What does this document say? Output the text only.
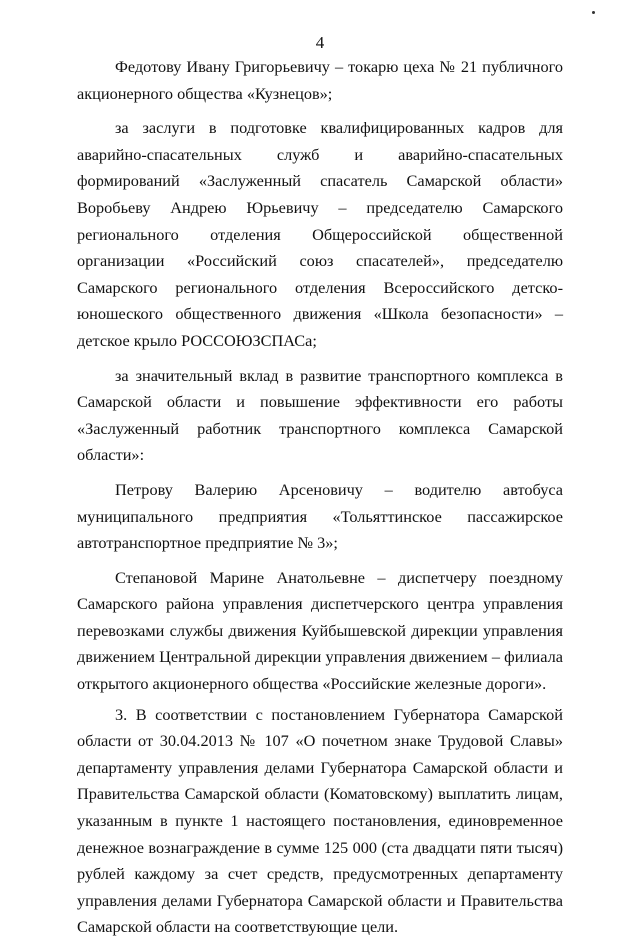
4

Федотову Ивану Григорьевичу – токарю цеха № 21 публичного акционерного общества «Кузнецов»;

за заслуги в подготовке квалифицированных кадров для аварийно-спасательных служб и аварийно-спасательных формирований «Заслуженный спасатель Самарской области» Воробьеву Андрею Юрьевичу – председателю Самарского регионального отделения Общероссийской общественной организации «Российский союз спасателей», председателю Самарского регионального отделения Всероссийского детско-юношеского общественного движения «Школа безопасности» – детское крыло РОССОЮЗСПАСа;

за значительный вклад в развитие транспортного комплекса в Самарской области и повышение эффективности его работы «Заслуженный работник транспортного комплекса Самарской области»:

Петрову Валерию Арсеновичу – водителю автобуса муниципального предприятия «Тольяттинское пассажирское автотранспортное предприятие № 3»;

Степановой Марине Анатольевне – диспетчеру поездному Самарского района управления диспетчерского центра управления перевозками службы движения Куйбышевской дирекции управления движением Центральной дирекции управления движением – филиала открытого акционерного общества «Российские железные дороги».

3. В соответствии с постановлением Губернатора Самарской области от 30.04.2013 № 107 «О почетном знаке Трудовой Славы» департаменту управления делами Губернатора Самарской области и Правительства Самарской области (Коматовскому) выплатить лицам, указанным в пункте 1 настоящего постановления, единовременное денежное вознаграждение в сумме 125 000 (ста двадцати пяти тысяч) рублей каждому за счет средств, предусмотренных департаменту управления делами Губернатора Самарской области и Правительства Самарской области на соответствующие цели.
